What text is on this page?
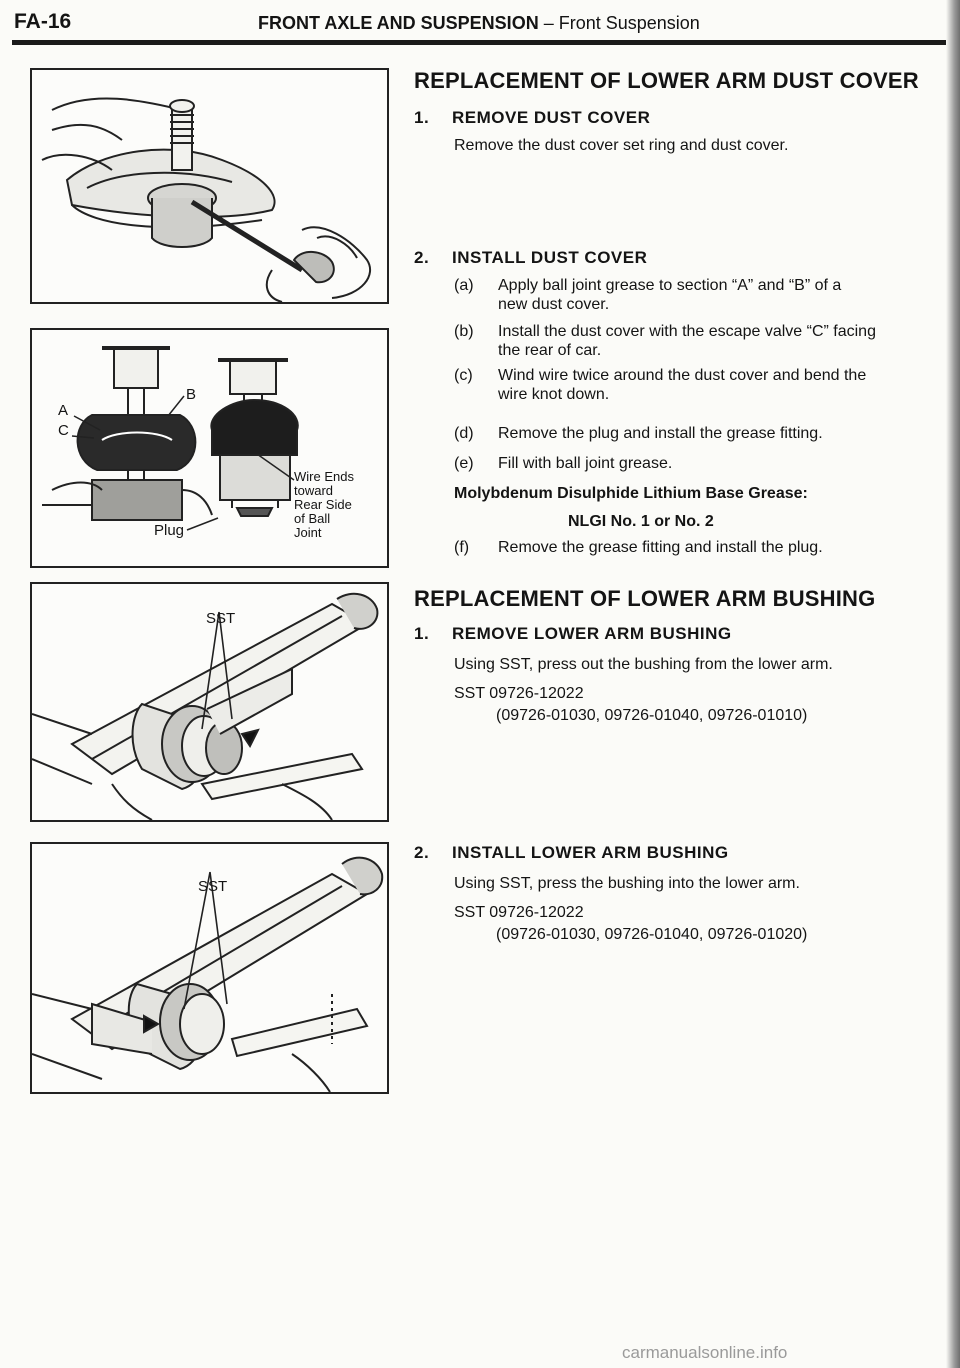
FA-16	FRONT AXLE AND SUSPENSION – Front Suspension
A
C
B
Plug
Wire Ends
toward
Rear Side
of Ball
Joint
SST
SST
REPLACEMENT OF LOWER ARM DUST COVER
1. REMOVE DUST COVER
Remove the dust cover set ring and dust cover.
2. INSTALL DUST COVER
(a) Apply ball joint grease to section “A” and “B” of a
new dust cover.
(b) Install the dust cover with the escape valve “C” facing
the rear of car.
(c) Wind wire twice around the dust cover and bend the
wire knot down.
(d) Remove the plug and install the grease fitting.
(e) Fill with ball joint grease.
Molybdenum Disulphide Lithium Base Grease:
NLGI No. 1 or No. 2
(f) Remove the grease fitting and install the plug.
REPLACEMENT OF LOWER ARM BUSHING
1. REMOVE LOWER ARM BUSHING
Using SST, press out the bushing from the lower arm.
SST 09726-12022
(09726-01030, 09726-01040, 09726-01010)
2. INSTALL LOWER ARM BUSHING
Using SST, press the bushing into the lower arm.
SST 09726-12022
(09726-01030, 09726-01040, 09726-01020)
carmanualsonline.info
